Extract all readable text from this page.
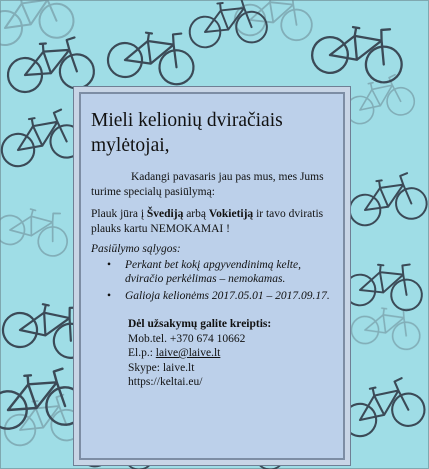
Mieli kelionių dviračiais mylėtojai,

Kadangi pavasaris jau pas mus, mes Jums turime specialų pasiūlymą:

Plauk jūra į Švediją arbą Vokietiją ir tavo dviratis plauks kartu NEMOKAMAI !

Pasiūlymo sąlygos:

• Perkant bet kokį apgyvendinimą kelte, dviračio perkėlimas – nemokamas.
• Galioja kelionėms 2017.05.01 – 2017.09.17.

Dėl užsakymų galite kreiptis:

Mob.tel. +370 674 10662

El.p.: laive@laive.lt

Skype: laive.lt

https://keltai.eu/
